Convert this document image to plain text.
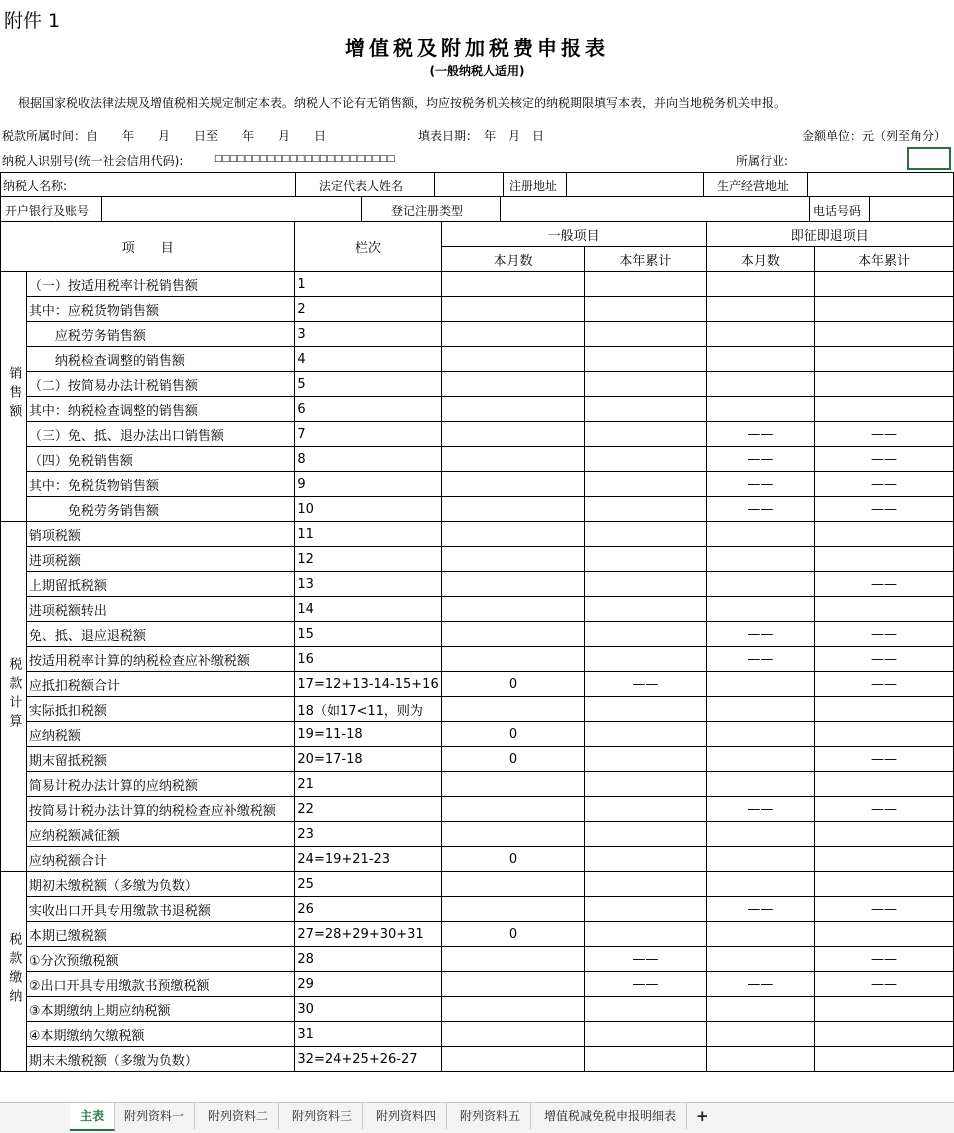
附件 1
增值税及附加税费申报表
(一般纳税人适用)
根据国家税收法律法规及增值税相关规定制定本表。纳税人不论有无销售额，均应按税务机关核定的纳税期限填写本表，并向当地税务机关申报。
税款所属时间：自　　年　　月　　日至　　年　　月　　日	填表日期：　年　月　日	金额单位：元（列至角分）
纳税人识别号(统一社会信用代码):	□□□□□□□□□□□□□□□□□□□□□□□□	所属行业:
纳税人名称:	法定代表人姓名	注册地址	生产经营地址
开户银行及账号	登记注册类型	电话号码
项　　目		栏次	一般项目		即征即退项目	
			本月数	本年累计	本月数	本年累计
销售额	（一）按适用税率计税销售额	1				
	其中：应税货物销售额	2				
	　　应税劳务销售额	3				
	　　纳税检查调整的销售额	4				
	（二）按简易办法计税销售额	5				
	其中：纳税检查调整的销售额	6				
	（三）免、抵、退办法出口销售额	7			——	——
	（四）免税销售额	8			——	——
	其中：免税货物销售额	9			——	——
	　　　免税劳务销售额	10			——	——
税款计算	销项税额	11				
	进项税额	12				
	上期留抵税额	13				——
	进项税额转出	14				
	免、抵、退应退税额	15			——	——
	按适用税率计算的纳税检查应补缴税额	16			——	——
	应抵扣税额合计	17=12+13-14-15+16	0	——		——
	实际抵扣税额	18（如17<11，则为				
	应纳税额	19=11-18	0			
	期末留抵税额	20=17-18	0			——
	简易计税办法计算的应纳税额	21				
	按简易计税办法计算的纳税检查应补缴税额	22			——	——
	应纳税额减征额	23				
	应纳税额合计	24=19+21-23	0			
税款缴纳	期初未缴税额（多缴为负数）	25				
	实收出口开具专用缴款书退税额	26			——	——
	本期已缴税额	27=28+29+30+31	0			
	①分次预缴税额	28		——		——
	②出口开具专用缴款书预缴税额	29		——	——	——
	③本期缴纳上期应纳税额	30				
	④本期缴纳欠缴税额	31				
	期末未缴税额（多缴为负数）	32=24+25+26-27				
主表	附列资料一	附列资料二	附列资料三	附列资料四	附列资料五	增值税减免税申报明细表	+
